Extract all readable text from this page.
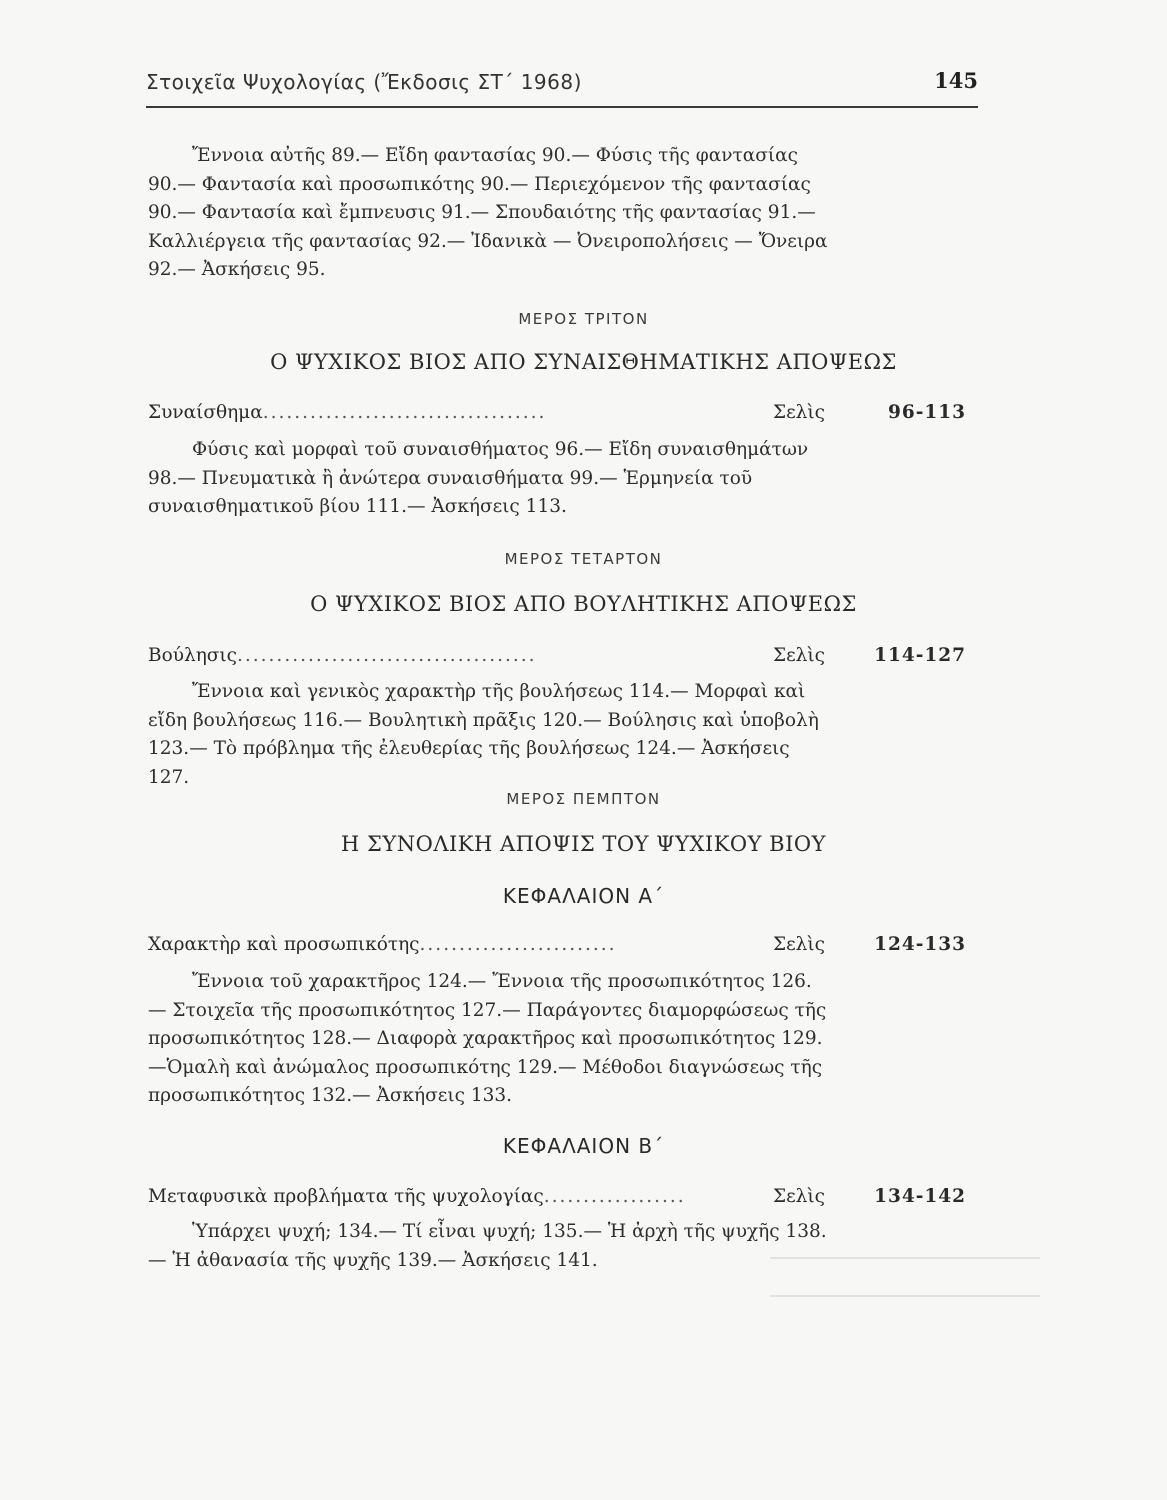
Στοιχεῖα Ψυχολογίας (Ἔκδοσις ΣΤ΄ 1968)	145

Ἔννοια αὐτῆς 89.— Εἴδη φαντασίας 90.— Φύσις τῆς φαντασίας 90.— Φαντασία καὶ προσωπικότης 90.— Περιεχόμενον τῆς φαντασίας 90.— Φαντασία καὶ ἔμπνευσις 91.— Σπουδαιότης τῆς φαντασίας 91.— Καλλιέργεια τῆς φαντασίας 92.— Ἰδανικὰ — Ὀνειροπολήσεις — Ὄνειρα 92.— Ἀσκήσεις 95.

ΜΕΡΟΣ ΤΡΙΤΟΝ
Ο ΨΥΧΙΚΟΣ ΒΙΟΣ ΑΠΟ ΣΥΝΑΙΣΘΗΜΑΤΙΚΗΣ ΑΠΟΨΕΩΣ
Συναίσθημα....................................	Σελὶς	96-113

Φύσις καὶ μορφαὶ τοῦ συναισθήματος 96.— Εἴδη συναισθημάτων 98.— Πνευματικὰ ἢ ἀνώτερα συναισθήματα 99.— Ἑρμηνεία τοῦ συναισθηματικοῦ βίου 111.— Ἀσκήσεις 113.

ΜΕΡΟΣ ΤΕΤΑΡΤΟΝ
Ο ΨΥΧΙΚΟΣ ΒΙΟΣ ΑΠΟ ΒΟΥΛΗΤΙΚΗΣ ΑΠΟΨΕΩΣ
Βούλησις......................................	Σελὶς	114-127

Ἔννοια καὶ γενικὸς χαρακτὴρ τῆς βουλήσεως 114.— Μορφαὶ καὶ εἴδη βουλήσεως 116.— Βουλητικὴ πρᾶξις 120.— Βούλησις καὶ ὑποβολὴ 123.— Τὸ πρόβλημα τῆς ἐλευθερίας τῆς βουλήσεως 124.— Ἀσκήσεις 127.

ΜΕΡΟΣ ΠΕΜΠΤΟΝ
Η ΣΥΝΟΛΙΚΗ ΑΠΟΨΙΣ ΤΟΥ ΨΥΧΙΚΟΥ ΒΙΟΥ
ΚΕΦΑΛΑΙΟΝ Α΄
Χαρακτὴρ καὶ προσωπικότης.........................	Σελὶς	124-133

Ἔννοια τοῦ χαρακτῆρος 124.— Ἔννοια τῆς προσωπικότητος 126.— Στοιχεῖα τῆς προσωπικότητος 127.— Παράγοντες διαμορφώσεως τῆς προσωπικότητος 128.— Διαφορὰ χαρακτῆρος καὶ προσωπικότητος 129. —Ὁμαλὴ καὶ ἀνώμαλος προσωπικότης 129.— Μέθοδοι διαγνώσεως τῆς προσωπικότητος 132.— Ἀσκήσεις 133.

ΚΕΦΑΛΑΙΟΝ Β΄
Μεταφυσικὰ προβλήματα τῆς ψυχολογίας..................	Σελὶς	134-142

Ὑπάρχει ψυχή; 134.— Τί εἶναι ψυχή; 135.— Ἡ ἀρχὴ τῆς ψυχῆς 138.— Ἡ ἀθανασία τῆς ψυχῆς 139.— Ἀσκήσεις 141.
